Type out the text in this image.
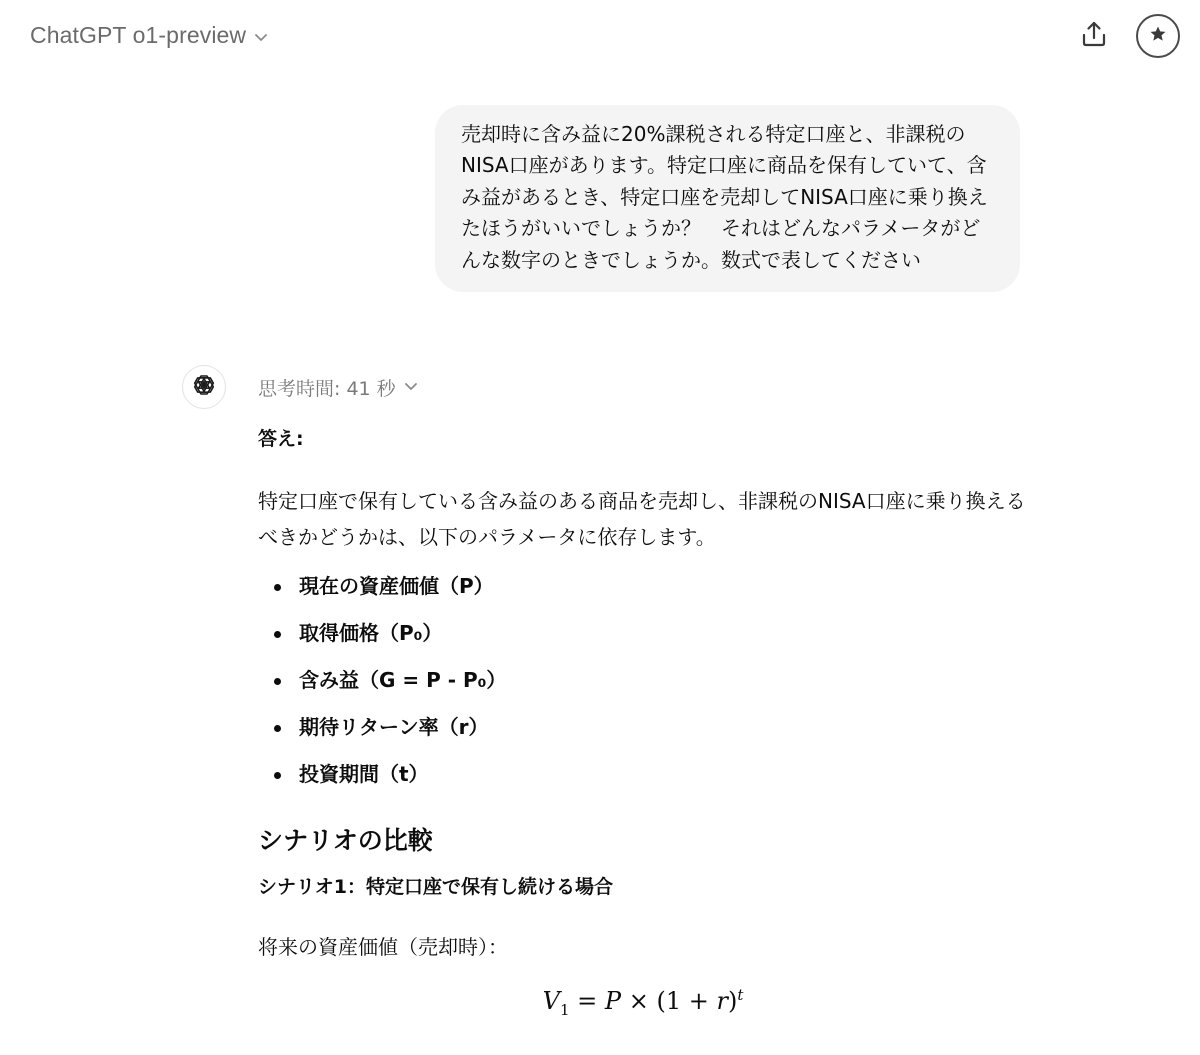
ChatGPT o1-preview
売却時に含み益に20%課税される特定口座と、非課税のNISA口座があります。特定口座に商品を保有していて、含み益があるとき、特定口座を売却してNISA口座に乗り換えたほうがいいでしょうか？　それはどんなパラメータがどんな数字のときでしょうか。数式で表してください
思考時間: 41 秒
答え:
特定口座で保有している含み益のある商品を売却し、非課税のNISA口座に乗り換えるべきかどうかは、以下のパラメータに依存します。
現在の資産価値（P）
取得価格（P₀）
含み益（G = P - P₀）
期待リターン率（r）
投資期間（t）
シナリオの比較
シナリオ1：特定口座で保有し続ける場合
将来の資産価値（売却時）：
$V_1 = P \times (1 + r)^t$
